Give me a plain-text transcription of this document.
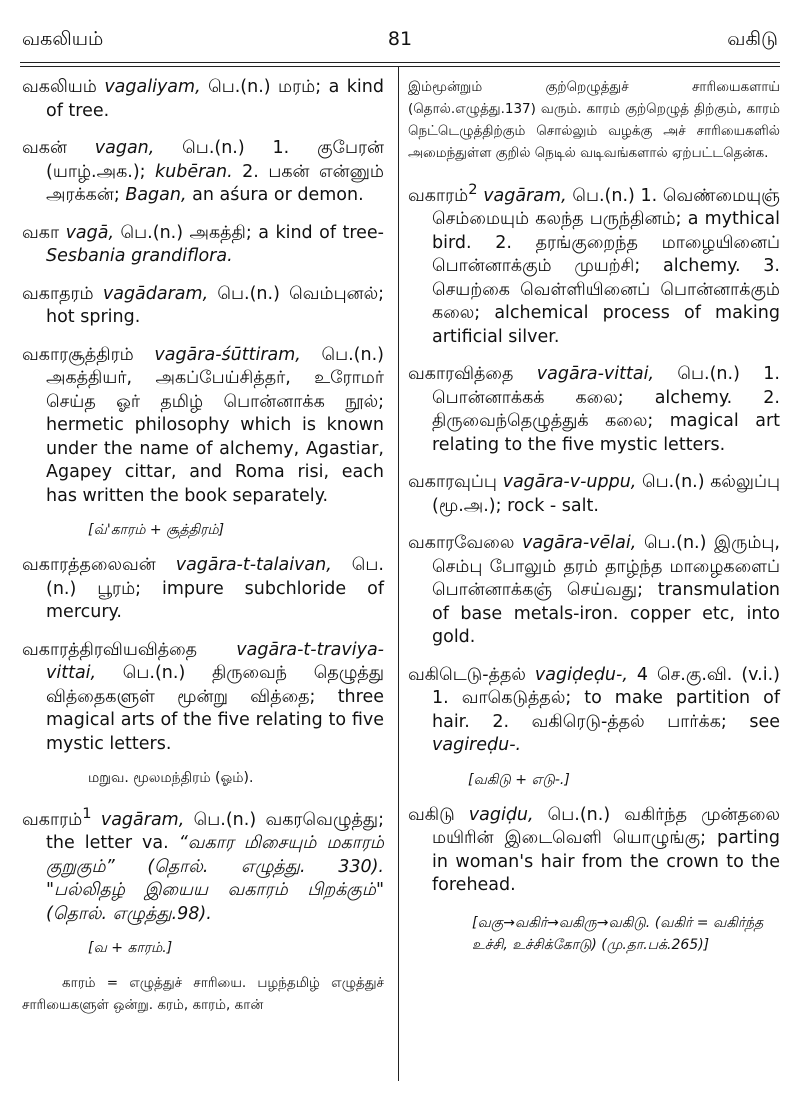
வகலியம்	81	வகிடு

வகலியம் vagaliyam, பெ.(n.) மரம்; a kind of tree.

வகன் vagan, பெ.(n.) 1. குபேரன் (யாழ்.அக.); kubēran. 2. பகன் என்னும் அரக்கன்; Bagan, an aśura or demon.

வகா vagā, பெ.(n.) அகத்தி; a kind of tree- Sesbania grandiflora.

வகாதரம் vagādaram, பெ.(n.) வெம்புனல்; hot spring.

வகாரசூத்திரம் vagāra-śūttiram, பெ.(n.) அகத்தியர், அகப்பேய்சித்தர், உரோமர் செய்த ஓர் தமிழ் பொன்னாக்க நூல்; hermetic philosophy which is known under the name of alchemy, Agastiar, Agapey cittar, and Roma risi, each has written the book separately.

[வ்'காரம் + சூத்திரம்]

வகாரத்தலைவன் vagāra-t-talaivan, பெ.(n.) பூரம்; impure subchloride of mercury.

வகாரத்திரவியவித்தை vagāra-t-traviya-vittai, பெ.(n.) திருவைந் தெழுத்து வித்தைகளுள் மூன்று வித்தை; three magical arts of the five relating to five mystic letters.

மறுவ. மூலமந்திரம் (ஓம்).

வகாரம்$^1$ vagāram, பெ.(n.) வகரவெழுத்து; the letter va. “வகார மிசையும் மகாரம் குறுகும்” (தொல். எழுத்து. 330). "பல்லிதழ் இயைய வகாரம் பிறக்கும்" (தொல். எழுத்து.98).

[வ + காரம்.]

காரம் = எழுத்துச் சாரியை. பழந்தமிழ் எழுத்துச் சாரியைகளுள் ஒன்று. கரம், காரம், கான்

இம்மூன்றும் குற்றெழுத்துச் சாரியைகளாய் (தொல்.எழுத்து.137) வரும். காரம் குற்றெழுத் திற்கும், காரம் நெட்டெழுத்திற்கும் சொல்லும் வழக்கு அச் சாரியைகளில் அமைந்துள்ள குறில் நெடில் வடிவங்களால் ஏற்பட்டதென்க.

வகாரம்$^2$ vagāram, பெ.(n.) 1. வெண்மையுஞ் செம்மையும் கலந்த பருந்தினம்; a mythical bird. 2. தரங்குறைந்த மாழையினைப் பொன்னாக்கும் முயற்சி; alchemy. 3. செயற்கை வெள்ளியினைப் பொன்னாக்கும் கலை; alchemical process of making artificial silver.

வகாரவித்தை vagāra-vittai, பெ.(n.) 1. பொன்னாக்கக் கலை; alchemy. 2. திருவைந்தெழுத்துக் கலை; magical art relating to the five mystic letters.

வகாரவுப்பு vagāra-v-uppu, பெ.(n.) கல்லுப்பு (மூ.அ.); rock - salt.

வகாரவேலை vagāra-vēlai, பெ.(n.) இரும்பு, செம்பு போலும் தரம் தாழ்ந்த மாழைகளைப் பொன்னாக்கஞ் செய்வது; transmulation of base metals-iron. copper etc, into gold.

வகிடெடு-த்தல் vagiḍeḍu-, 4 செ.கு.வி. (v.i.) 1. வாகெடுத்தல்; to make partition of hair. 2. வகிரெடு-த்தல் பார்க்க; see vagireḍu-.

[வகிடு + எடு-.]

வகிடு vagiḍu, பெ.(n.) வகிர்ந்த முன்தலை மயிரின் இடைவெளி யொழுங்கு; parting in woman's hair from the crown to the forehead.

[வகு→வகிர்→வகிரு→வகிடு. (வகிர் = வகிர்ந்த உச்சி, உச்சிக்கோடு) (மு.தா.பக்.265)]
